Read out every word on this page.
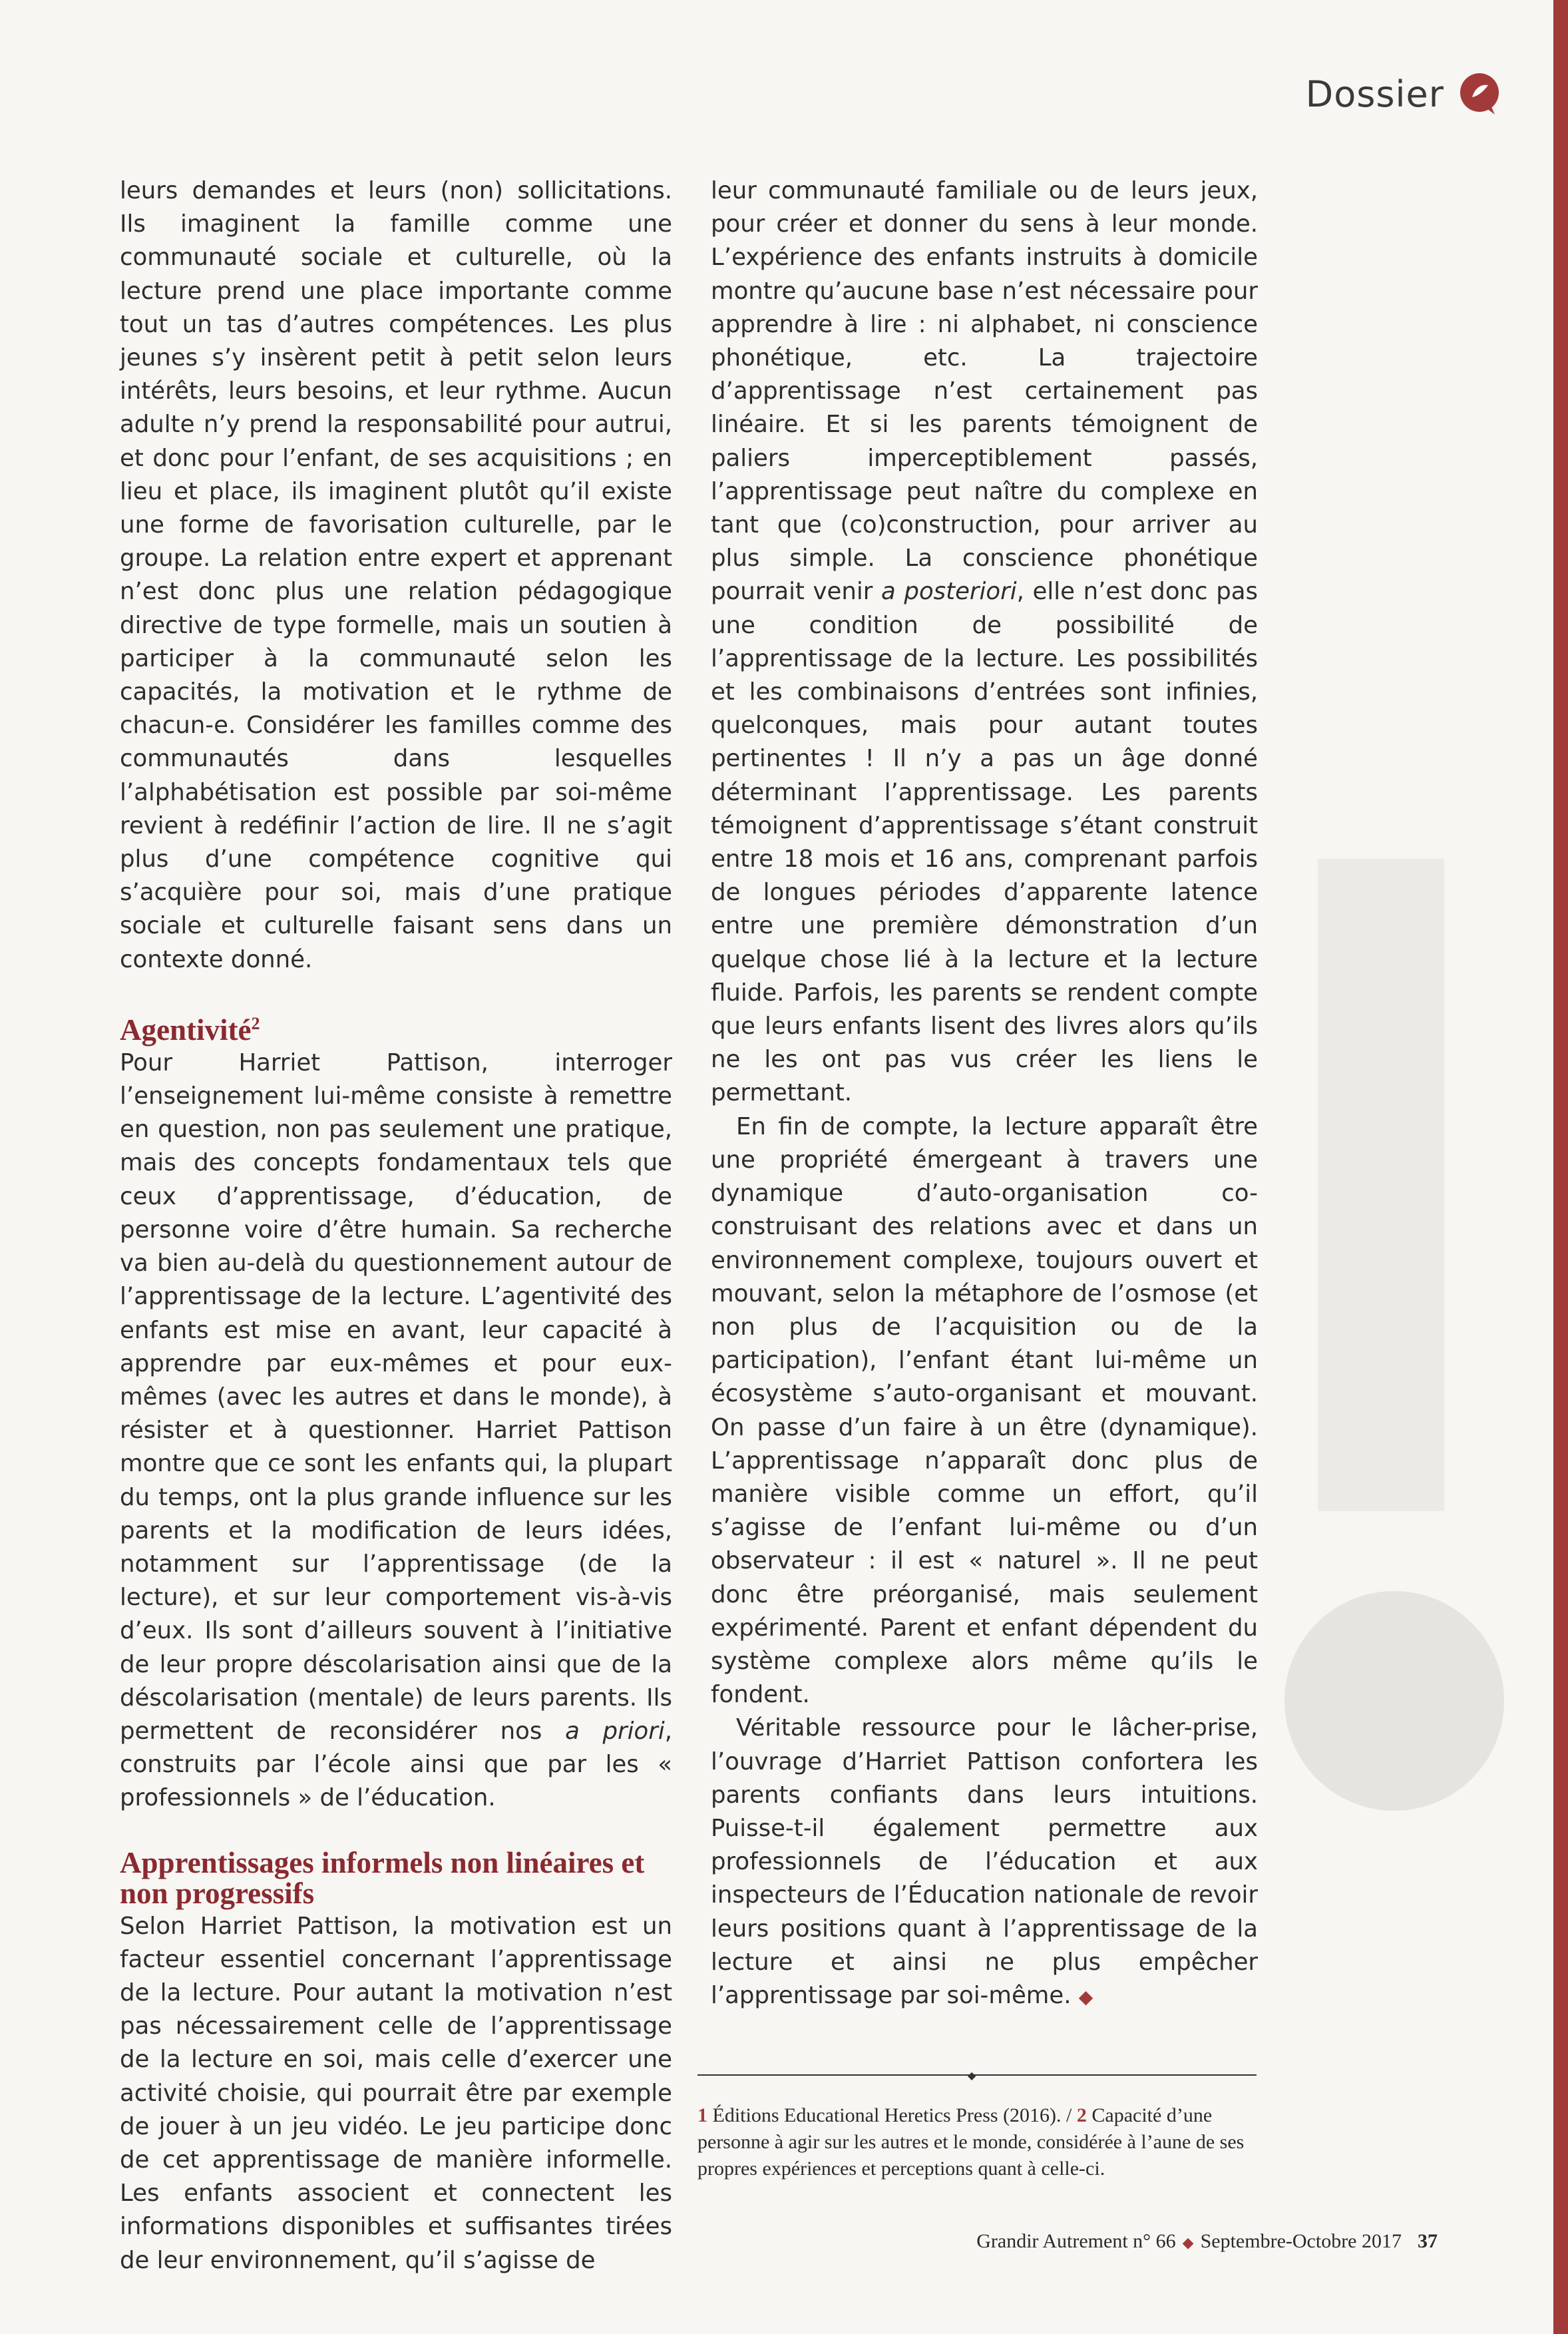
Dossier

leurs demandes et leurs (non) sollicitations. Ils imaginent la famille comme une communauté sociale et culturelle, où la lecture prend une place importante comme tout un tas d’autres compétences. Les plus jeunes s’y insèrent petit à petit selon leurs intérêts, leurs besoins, et leur rythme. Aucun adulte n’y prend la responsabilité pour autrui, et donc pour l’enfant, de ses acquisitions ; en lieu et place, ils imaginent plutôt qu’il existe une forme de favorisation culturelle, par le groupe. La relation entre expert et apprenant n’est donc plus une relation pédagogique directive de type formelle, mais un soutien à participer à la communauté selon les capacités, la motivation et le rythme de chacun-e. Considérer les familles comme des communautés dans lesquelles l’alphabétisation est possible par soi-même revient à redéfinir l’action de lire. Il ne s’agit plus d’une compétence cognitive qui s’acquière pour soi, mais d’une pratique sociale et culturelle faisant sens dans un contexte donné.

Agentivité$^2$

Pour Harriet Pattison, interroger l’enseignement lui-même consiste à remettre en question, non pas seulement une pratique, mais des concepts fondamentaux tels que ceux d’apprentissage, d’éducation, de personne voire d’être humain. Sa recherche va bien au-delà du questionnement autour de l’apprentissage de la lecture. L’agentivité des enfants est mise en avant, leur capacité à apprendre par eux-mêmes et pour eux-mêmes (avec les autres et dans le monde), à résister et à questionner. Harriet Pattison montre que ce sont les enfants qui, la plupart du temps, ont la plus grande influence sur les parents et la modification de leurs idées, notamment sur l’apprentissage (de la lecture), et sur leur comportement vis-à-vis d’eux. Ils sont d’ailleurs souvent à l’initiative de leur propre déscolarisation ainsi que de la déscolarisation (mentale) de leurs parents. Ils permettent de reconsidérer nos a priori, construits par l’école ainsi que par les « professionnels » de l’éducation.

Apprentissages informels non linéaires et non progressifs

Selon Harriet Pattison, la motivation est un facteur essentiel concernant l’apprentissage de la lecture. Pour autant la motivation n’est pas nécessairement celle de l’apprentissage de la lecture en soi, mais celle d’exercer une activité choisie, qui pourrait être par exemple de jouer à un jeu vidéo. Le jeu participe donc de cet apprentissage de manière informelle. Les enfants associent et connectent les informations disponibles et suffisantes tirées de leur environnement, qu’il s’agisse de

leur communauté familiale ou de leurs jeux, pour créer et donner du sens à leur monde. L’expérience des enfants instruits à domicile montre qu’aucune base n’est nécessaire pour apprendre à lire : ni alphabet, ni conscience phonétique, etc. La trajectoire d’apprentissage n’est certainement pas linéaire. Et si les parents témoignent de paliers imperceptiblement passés, l’apprentissage peut naître du complexe en tant que (co)construction, pour arriver au plus simple. La conscience phonétique pourrait venir a posteriori, elle n’est donc pas une condition de possibilité de l’apprentissage de la lecture. Les possibilités et les combinaisons d’entrées sont infinies, quelconques, mais pour autant toutes pertinentes ! Il n’y a pas un âge donné déterminant l’apprentissage. Les parents témoignent d’apprentissage s’étant construit entre 18 mois et 16 ans, comprenant parfois de longues périodes d’apparente latence entre une première démonstration d’un quelque chose lié à la lecture et la lecture fluide. Parfois, les parents se rendent compte que leurs enfants lisent des livres alors qu’ils ne les ont pas vus créer les liens le permettant.

En fin de compte, la lecture apparaît être une propriété émergeant à travers une dynamique d’auto-organisation co-construisant des relations avec et dans un environnement complexe, toujours ouvert et mouvant, selon la métaphore de l’osmose (et non plus de l’acquisition ou de la participation), l’enfant étant lui-même un écosystème s’auto-organisant et mouvant. On passe d’un faire à un être (dynamique). L’apprentissage n’apparaît donc plus de manière visible comme un effort, qu’il s’agisse de l’enfant lui-même ou d’un observateur : il est « naturel ». Il ne peut donc être préorganisé, mais seulement expérimenté. Parent et enfant dépendent du système complexe alors même qu’ils le fondent.

Véritable ressource pour le lâcher-prise, l’ouvrage d’Harriet Pattison confortera les parents confiants dans leurs intuitions. Puisse-t-il également permettre aux professionnels de l’éducation et aux inspecteurs de l’Éducation nationale de revoir leurs positions quant à l’apprentissage de la lecture et ainsi ne plus empêcher l’apprentissage par soi-même. ◆

◆
1 Éditions Educational Heretics Press (2016). / 2 Capacité d’une personne à agir sur les autres et le monde, considérée à l’aune de ses propres expériences et perceptions quant à celle-ci.
Grandir Autrement n° 66 ◆ Septembre-Octobre 2017 37
